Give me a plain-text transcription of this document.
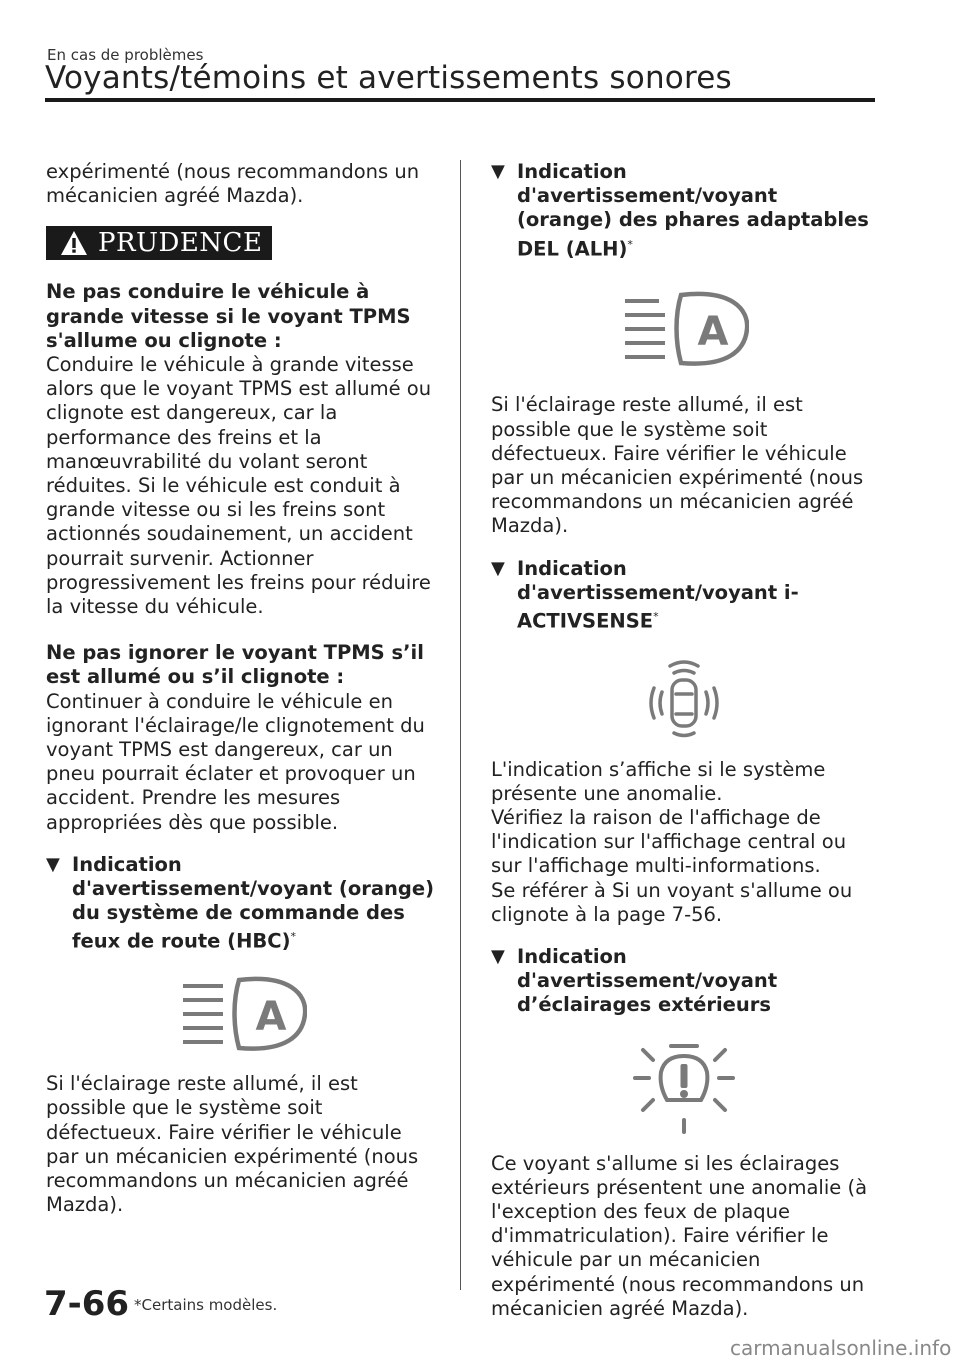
En cas de problèmes
Voyants/témoins et avertissements sonores

expérimenté (nous recommandons un mécanicien agréé Mazda).

PRUDENCE

Ne pas conduire le véhicule à grande vitesse si le voyant TPMS s'allume ou clignote :

Conduire le véhicule à grande vitesse alors que le voyant TPMS est allumé ou clignote est dangereux, car la performance des freins et la manœuvrabilité du volant seront réduites. Si le véhicule est conduit à grande vitesse ou si les freins sont actionnés soudainement, un accident pourrait survenir. Actionner progressivement les freins pour réduire la vitesse du véhicule.

Ne pas ignorer le voyant TPMS s’il est allumé ou s’il clignote :

Continuer à conduire le véhicule en ignorant l'éclairage/le clignotement du voyant TPMS est dangereux, car un pneu pourrait éclater et provoquer un accident. Prendre les mesures appropriées dès que possible.

▼ Indication d'avertissement/voyant (orange) du système de commande des feux de route (HBC)*
A

Si l'éclairage reste allumé, il est possible que le système soit défectueux. Faire vérifier le véhicule par un mécanicien expérimenté (nous recommandons un mécanicien agréé Mazda).

▼ Indication d'avertissement/voyant (orange) des phares adaptables DEL (ALH)*
A

Si l'éclairage reste allumé, il est possible que le système soit défectueux. Faire vérifier le véhicule par un mécanicien expérimenté (nous recommandons un mécanicien agréé Mazda).

▼ Indication d'avertissement/voyant i-ACTIVSENSE*

L'indication s’affiche si le système présente une anomalie.

Vérifiez la raison de l'affichage de l'indication sur l'affichage central ou sur l'affichage multi-informations.

Se référer à Si un voyant s'allume ou clignote à la page 7-56.

▼ Indication d'avertissement/voyant d’éclairages extérieurs

Ce voyant s'allume si les éclairages extérieurs présentent une anomalie (à l'exception des feux de plaque d'immatriculation). Faire vérifier le véhicule par un mécanicien expérimenté (nous recommandons un mécanicien agréé Mazda).

7-66 *Certains modèles.
carmanualsonline.info
